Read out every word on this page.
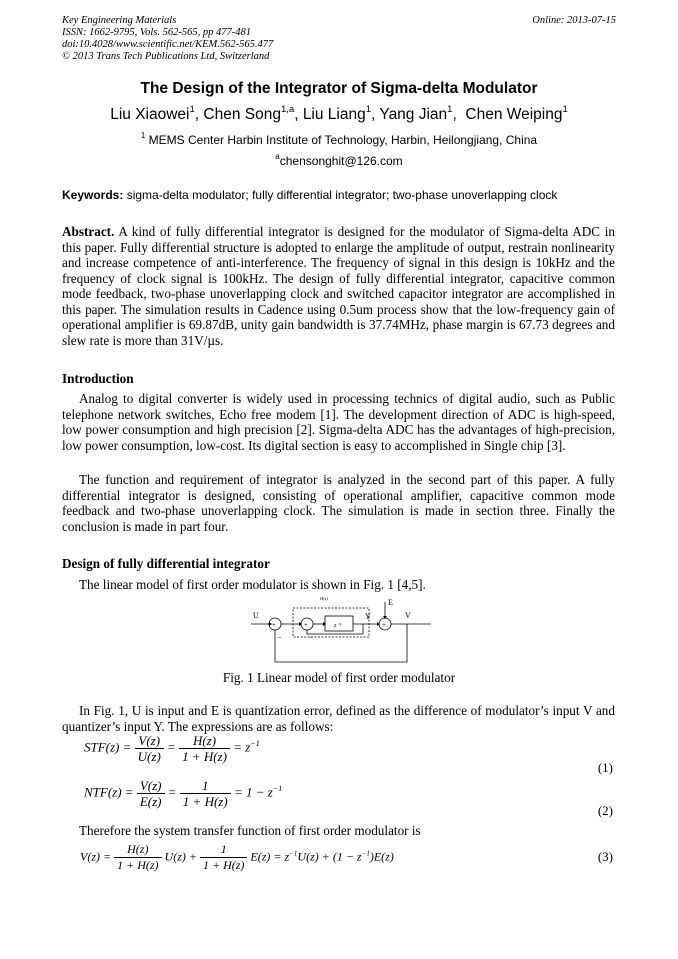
Key Engineering Materials
ISSN: 1662-9795, Vols. 562-565, pp 477-481
doi:10.4028/www.scientific.net/KEM.562-565.477
© 2013 Trans Tech Publications Ltd, Switzerland
Online: 2013-07-15
The Design of the Integrator of Sigma-delta Modulator
Liu Xiaowei$^1$, Chen Song$^{1,a}$, Liu Liang$^1$, Yang Jian$^1$,  Chen Weiping$^1$
$^1$ MEMS Center Harbin Institute of Technology, Harbin, Heilongjiang, China
$^a$chensonghit@126.com
Keywords: sigma-delta modulator; fully differential integrator; two-phase unoverlapping clock
Abstract. A kind of fully differential integrator is designed for the modulator of Sigma-delta ADC in this paper. Fully differential structure is adopted to enlarge the amplitude of output, restrain nonlinearity and increase competence of anti-interference. The frequency of signal in this design is 10kHz and the frequency of clock signal is 100kHz. The design of fully differential integrator, capacitive common mode feedback, two-phase unoverlapping clock and switched capacitor integrator are accomplished in this paper. The simulation results in Cadence using 0.5um process show that the low-frequency gain of operational amplifier is 69.87dB, unity gain bandwidth is 37.74MHz, phase margin is 67.73 degrees and slew rate is more than 31V/µs.
Introduction
Analog to digital converter is widely used in processing technics of digital audio, such as Public telephone network switches, Echo free modem [1]. The development direction of ADC is high-speed, low power consumption and high precision [2]. Sigma-delta ADC has the advantages of high-precision, low power consumption, low-cost. Its digital section is easy to accomplished in Single chip [3].
The function and requirement of integrator is analyzed in the second part of this paper. A fully differential integrator is designed, consisting of operational amplifier, capacitive common mode feedback and two-phase unoverlapping clock. The simulation is made in section three. Finally the conclusion is made in part four.
Design of fully differential integrator
The linear model of first order modulator is shown in Fig. 1 [4,5].
U	Y
E
V
H(z)
z⁻¹
+	+	+
−	−
Fig. 1 Linear model of first order modulator
In Fig. 1, U is input and E is quantization error, defined as the difference of modulator’s input V and quantizer’s input Y. The expressions are as follows:
$STF(z) = \frac{V(z)}{U(z)} = \frac{H(z)}{1 + H(z)} = z^{-1}$
(1)
$NTF(z) = \frac{V(z)}{E(z)} = \frac{1}{1 + H(z)} = 1 - z^{-1}$
(2)
Therefore the system transfer function of first order modulator is
$V(z) = \frac{H(z)}{1 + H(z)} U(z) + \frac{1}{1 + H(z)} E(z) = z^{-1}U(z) + (1 - z^{-1})E(z)$	(3)
